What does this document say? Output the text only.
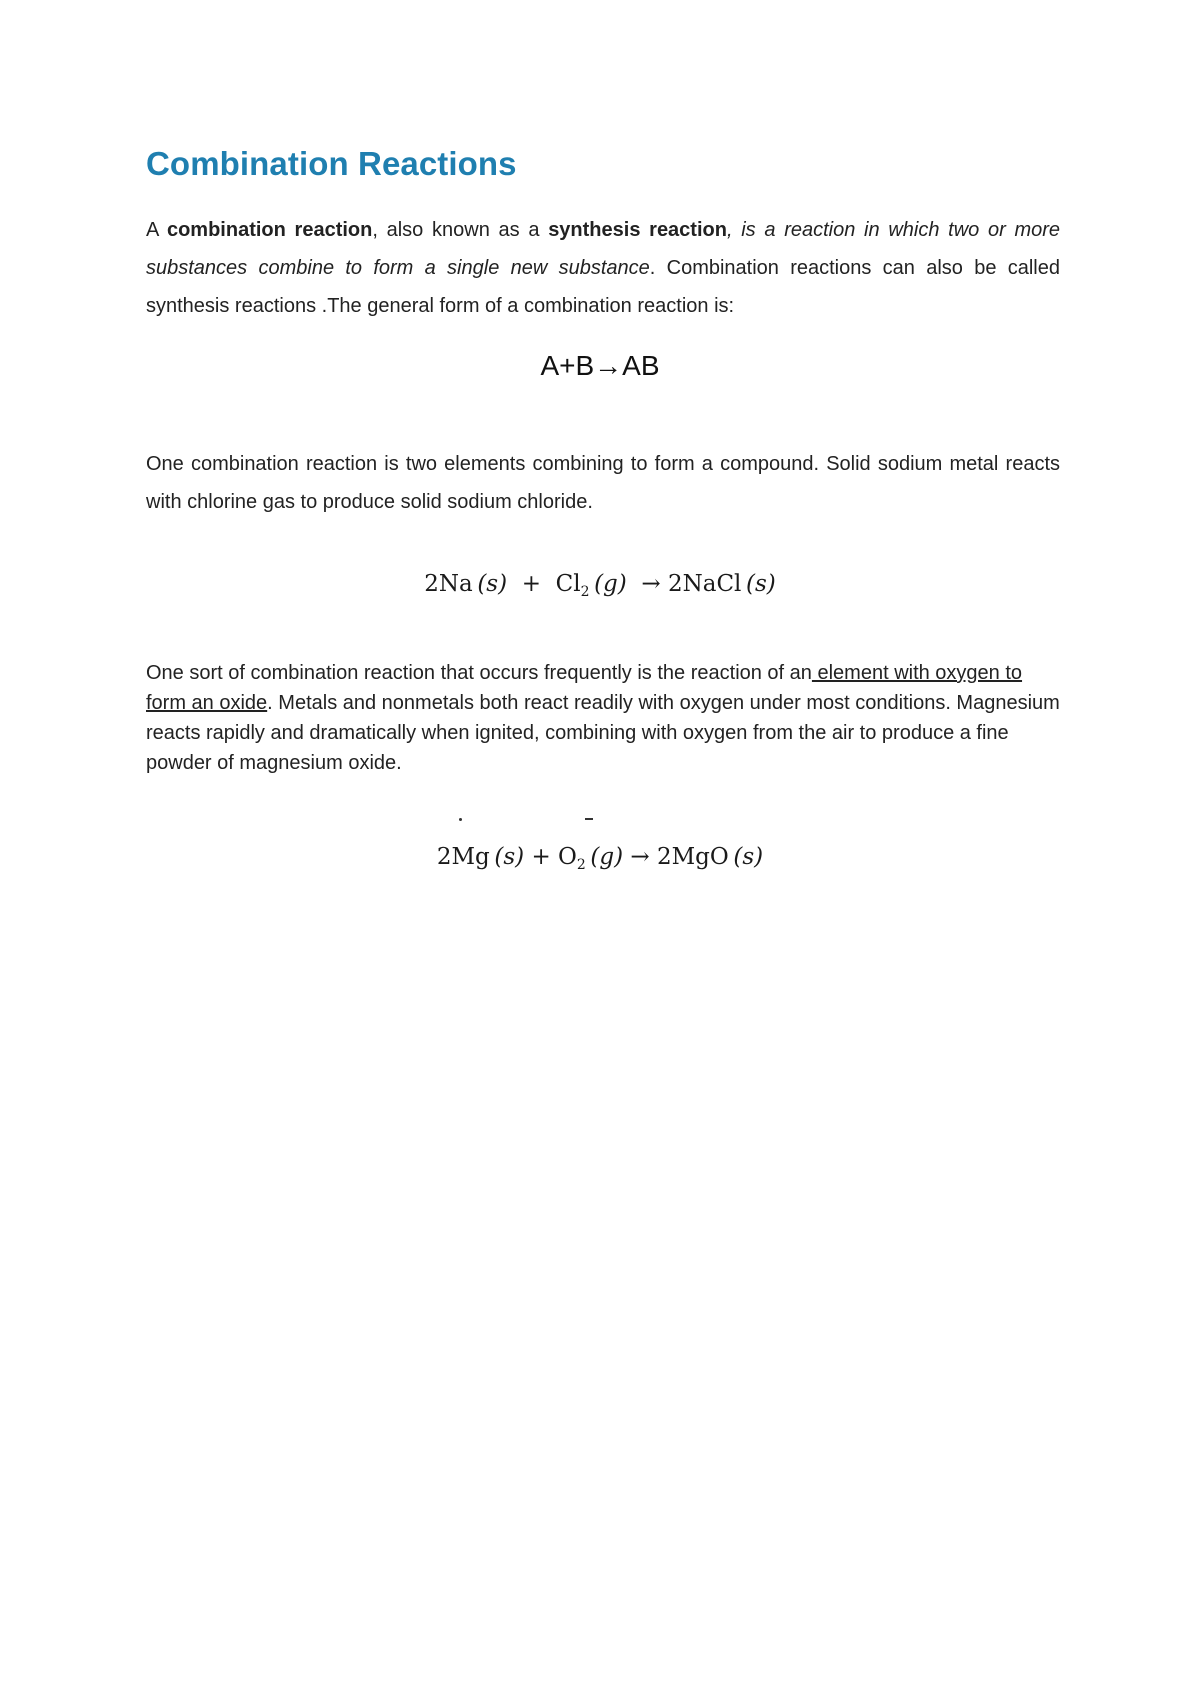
Combination Reactions

A combination reaction, also known as a synthesis reaction, is a reaction in which two or more substances combine to form a single new substance. Combination reactions can also be called synthesis reactions .The general form of a combination reaction is:

A+B→AB

One combination reaction is two elements combining to form a compound. Solid sodium metal reacts with chlorine gas to produce solid sodium chloride.

2Na  $(s) + Cl_2$  (g) → 2NaCl  (s)

One sort of combination reaction that occurs frequently is the reaction of an element with oxygen to form an oxide. Metals and nonmetals both react readily with oxygen under most conditions. Magnesium reacts rapidly and dramatically when ignited, combining with oxygen from the air to produce a fine powder of magnesium oxide.

2Mg  $(s) + O_2$  (g) → 2MgO  (s)
